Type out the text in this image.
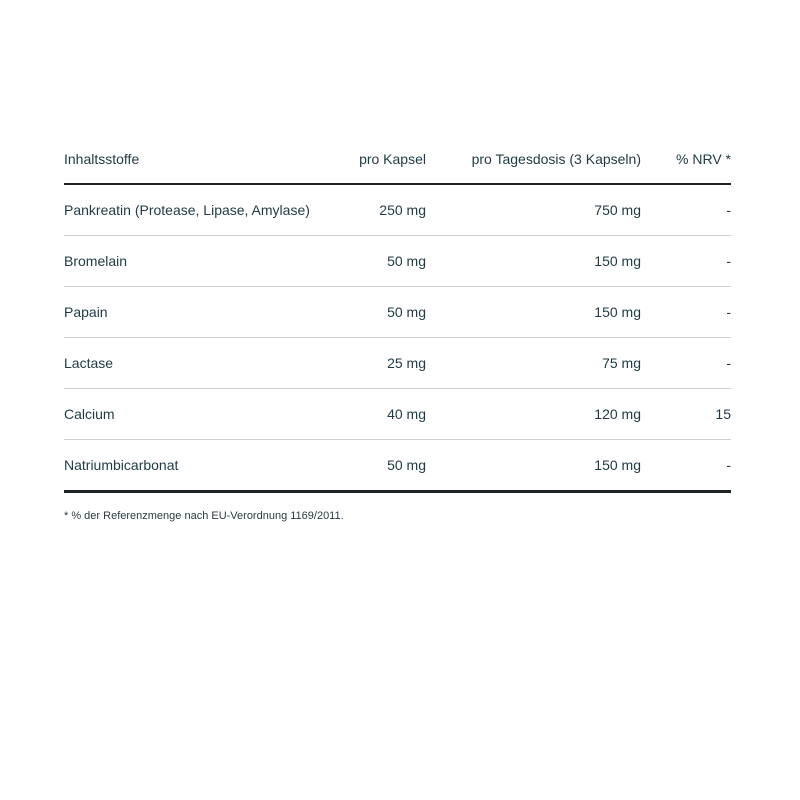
Inhaltsstoffe	pro Kapsel	pro Tagesdosis (3 Kapseln)	% NRV *
Pankreatin (Protease, Lipase, Amylase)	250 mg	750 mg	-
Bromelain	50 mg	150 mg	-
Papain	50 mg	150 mg	-
Lactase	25 mg	75 mg	-
Calcium	40 mg	120 mg	15
Natriumbicarbonat	50 mg	150 mg	-
* % der Referenzmenge nach EU-Verordnung 1169/2011.
